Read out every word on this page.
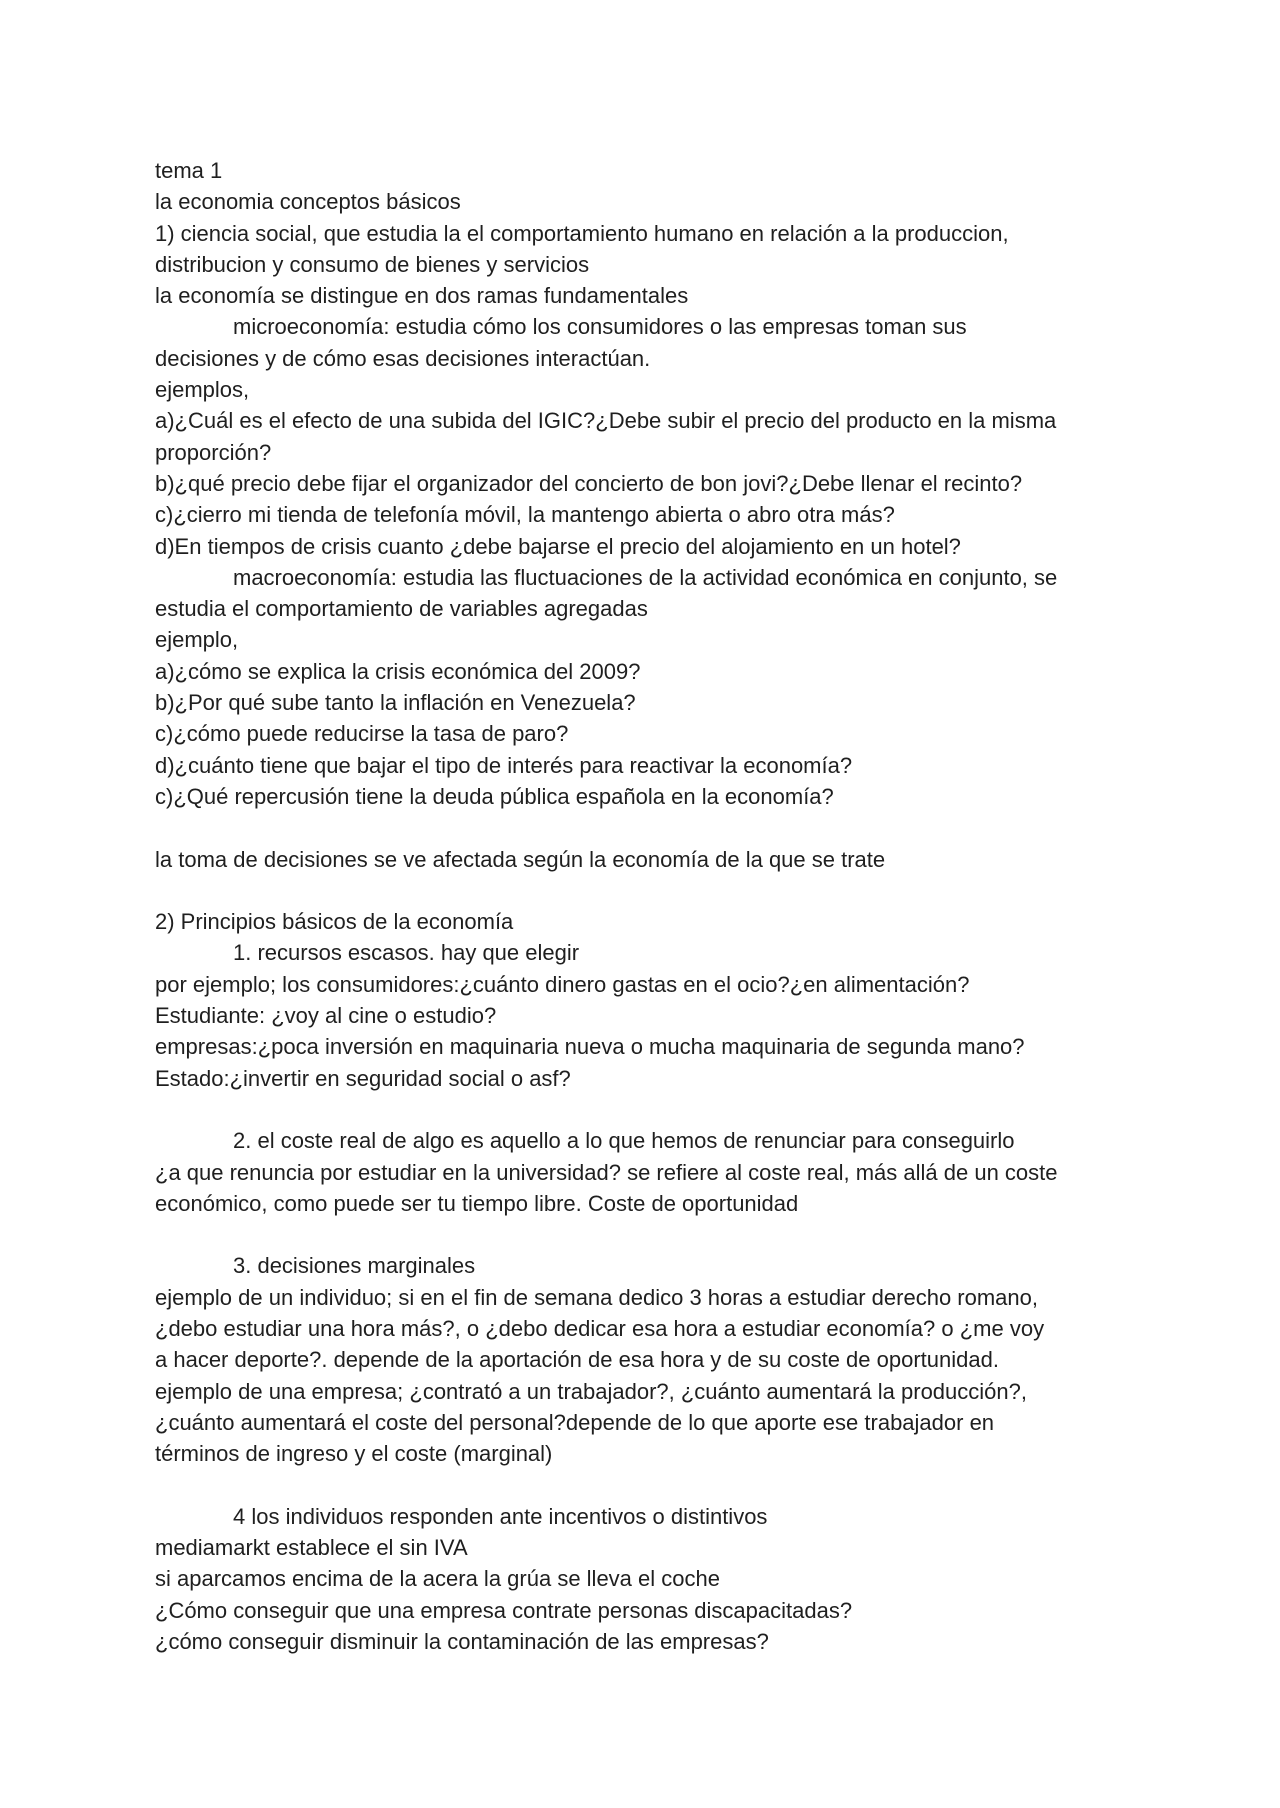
tema 1
la economia conceptos básicos
1) ciencia social, que estudia la el comportamiento humano en relación a la produccion,
distribucion y consumo de bienes y servicios
la economía se distingue en dos ramas fundamentales
microeconomía: estudia cómo los consumidores o las empresas toman sus
decisiones y de cómo esas decisiones interactúan.
ejemplos,
a)¿Cuál es el efecto de una subida del IGIC?¿Debe subir el precio del producto en la misma
proporción?
b)¿qué precio debe fijar el organizador del concierto de bon jovi?¿Debe llenar el recinto?
c)¿cierro mi tienda de telefonía móvil, la mantengo abierta o abro otra más?
d)En tiempos de crisis cuanto ¿debe bajarse el precio del alojamiento en un hotel?
macroeconomía: estudia las fluctuaciones de la actividad económica en conjunto, se
estudia el comportamiento de variables agregadas
ejemplo,
a)¿cómo se explica la crisis económica del 2009?
b)¿Por qué sube tanto la inflación en Venezuela?
c)¿cómo puede reducirse la tasa de paro?
d)¿cuánto tiene que bajar el tipo de interés para reactivar la economía?
c)¿Qué repercusión tiene la deuda pública española en la economía?
la toma de decisiones se ve afectada según la economía de la que se trate
2) Principios básicos de la economía
1. recursos escasos. hay que elegir
por ejemplo; los consumidores:¿cuánto dinero gastas en el ocio?¿en alimentación?
Estudiante: ¿voy al cine o estudio?
empresas:¿poca inversión en maquinaria nueva o mucha maquinaria de segunda mano?
Estado:¿invertir en seguridad social o asf?
2. el coste real de algo es aquello a lo que hemos de renunciar para conseguirlo
¿a que renuncia por estudiar en la universidad? se refiere al coste real, más allá de un coste
económico, como puede ser tu tiempo libre. Coste de oportunidad
3. decisiones marginales
ejemplo de un individuo; si en el fin de semana dedico 3 horas a estudiar derecho romano,
¿debo estudiar una hora más?, o ¿debo dedicar esa hora a estudiar economía? o ¿me voy
a hacer deporte?. depende de la aportación de esa hora y de su coste de oportunidad.
ejemplo de una empresa; ¿contrató a un trabajador?, ¿cuánto aumentará la producción?,
¿cuánto aumentará el coste del personal?depende de lo que aporte ese trabajador en
términos de ingreso y el coste (marginal)
4 los individuos responden ante incentivos o distintivos
mediamarkt establece el sin IVA
si aparcamos encima de la acera la grúa se lleva el coche
¿Cómo conseguir que una empresa contrate personas discapacitadas?
¿cómo conseguir disminuir la contaminación de las empresas?
